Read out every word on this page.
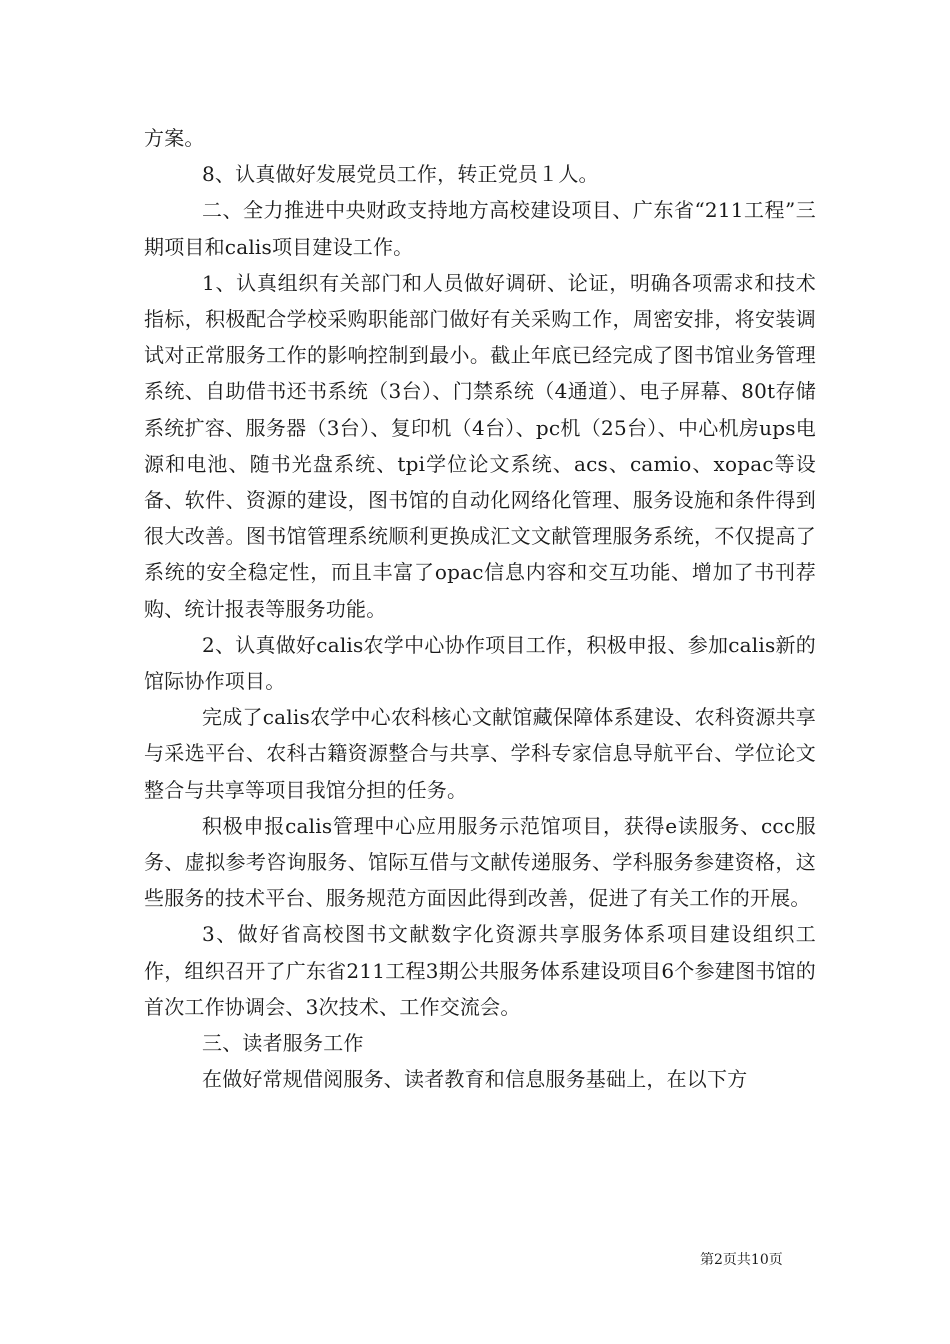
方案。

8、认真做好发展党员工作，转正党员１人。

二、全力推进中央财政支持地方高校建设项目、广东省“211工程”三期项目和calis项目建设工作。

1、认真组织有关部门和人员做好调研、论证，明确各项需求和技术指标，积极配合学校采购职能部门做好有关采购工作，周密安排，将安装调试对正常服务工作的影响控制到最小。截止年底已经完成了图书馆业务管理系统、自助借书还书系统（3台）、门禁系统（4通道）、电子屏幕、80t存储系统扩容、服务器（3台）、复印机（4台）、pc机（25台）、中心机房ups电源和电池、随书光盘系统、tpi学位论文系统、acs、camio、xopac等设备、软件、资源的建设，图书馆的自动化网络化管理、服务设施和条件得到很大改善。图书馆管理系统顺利更换成汇文文献管理服务系统，不仅提高了系统的安全稳定性，而且丰富了opac信息内容和交互功能、增加了书刊荐购、统计报表等服务功能。

2、认真做好calis农学中心协作项目工作，积极申报、参加calis新的馆际协作项目。

完成了calis农学中心农科核心文献馆藏保障体系建设、农科资源共享与采选平台、农科古籍资源整合与共享、学科专家信息导航平台、学位论文整合与共享等项目我馆分担的任务。

积极申报calis管理中心应用服务示范馆项目，获得e读服务、ccc服务、虚拟参考咨询服务、馆际互借与文献传递服务、学科服务参建资格，这些服务的技术平台、服务规范方面因此得到改善，促进了有关工作的开展。

3、做好省高校图书文献数字化资源共享服务体系项目建设组织工作，组织召开了广东省211工程3期公共服务体系建设项目6个参建图书馆的首次工作协调会、3次技术、工作交流会。

三、读者服务工作

在做好常规借阅服务、读者教育和信息服务基础上，在以下方

第2页共10页
